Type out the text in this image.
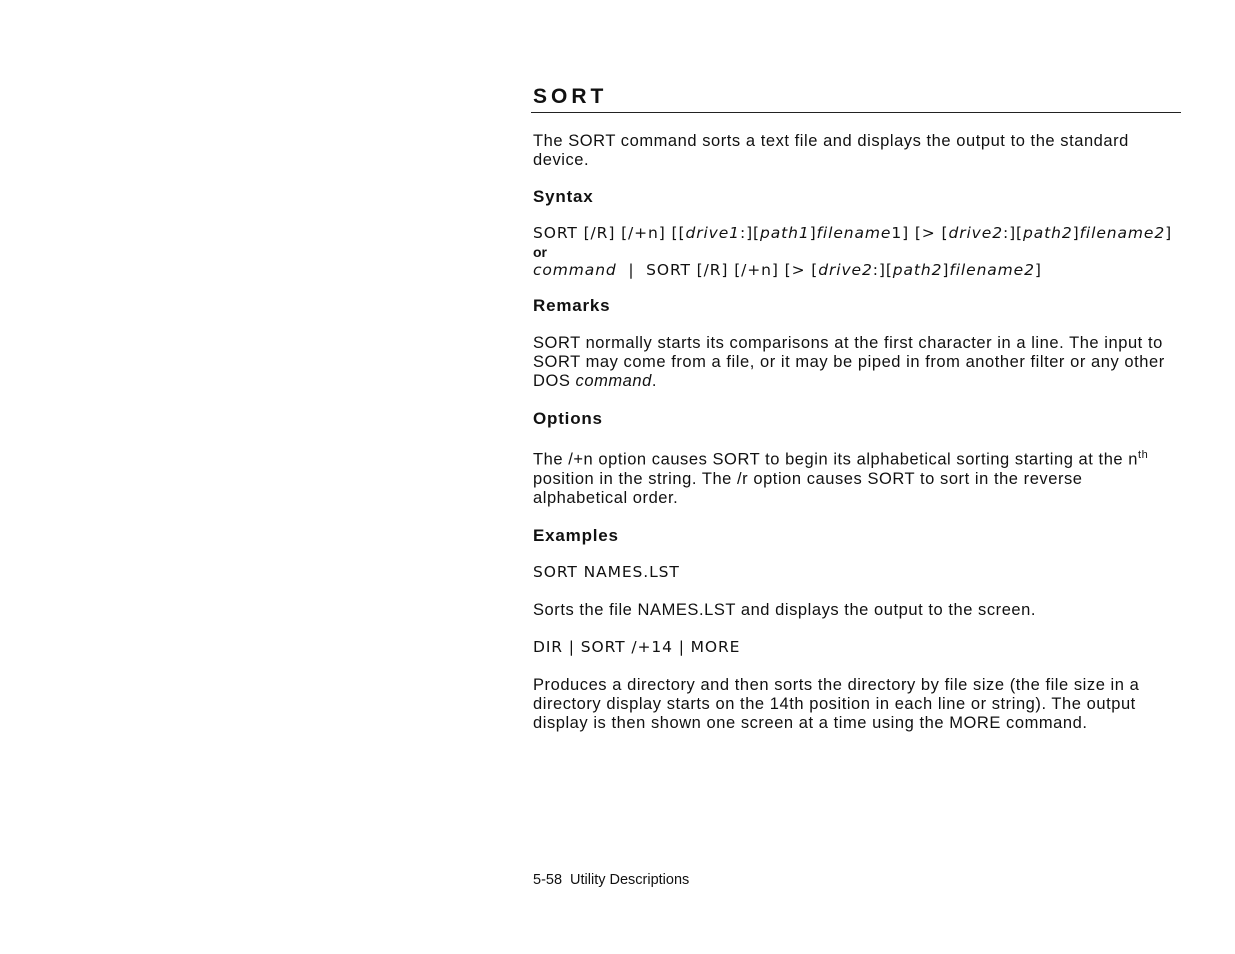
SORT

The SORT command sorts a text file and displays the output to the standard device.

Syntax

SORT [/R] [/+n] [[drive1:][path1]filename1] [> [drive2:][path2]filename2]

or

command  |  SORT [/R] [/+n] [> [drive2:][path2]filename2]

Remarks

SORT normally starts its comparisons at the first character in a line. The input to SORT may come from a file, or it may be piped in from another filter or any other DOS command.

Options

The /+n option causes SORT to begin its alphabetical sorting starting at the $n^{th}$ position in the string. The /r option causes SORT to sort in the reverse alphabetical order.

Examples

SORT NAMES.LST

Sorts the file NAMES.LST and displays the output to the screen.

DIR | SORT /+14 | MORE

Produces a directory and then sorts the directory by file size (the file size in a directory display starts on the 14th position in each line or string). The output display is then shown one screen at a time using the MORE command.

5-58 Utility Descriptions
